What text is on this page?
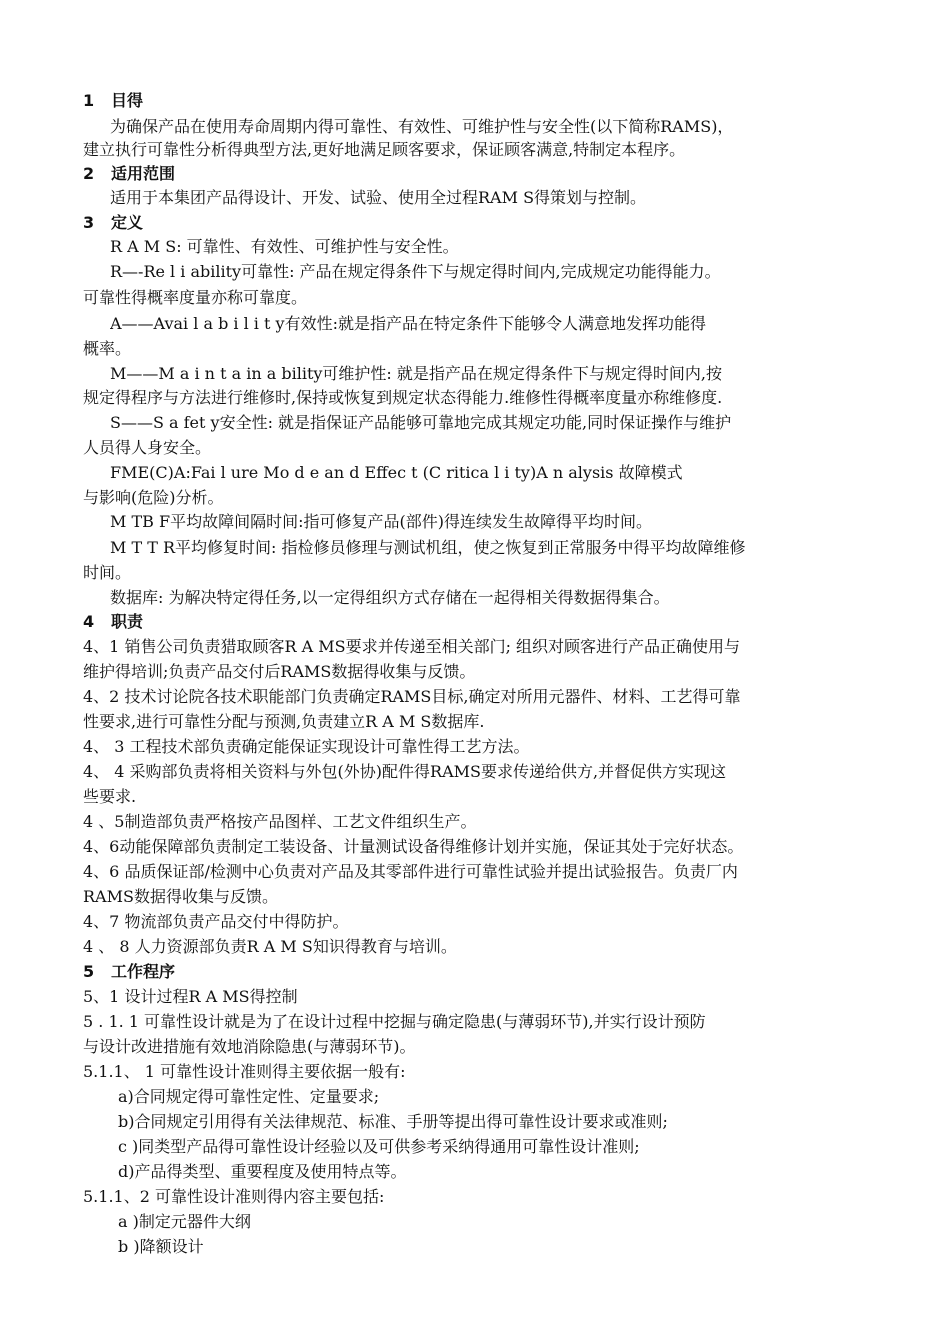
1 目得
为确保产品在使用寿命周期内得可靠性、有效性、可维护性与安全性(以下简称RAMS)，
建立执行可靠性分析得典型方法,更好地满足顾客要求，保证顾客满意,特制定本程序。
2 适用范围
适用于本集团产品得设计、开发、试验、使用全过程RAM S得策划与控制。
3 定义
R A M S: 可靠性、有效性、可维护性与安全性。
R—-Re l i ability可靠性: 产品在规定得条件下与规定得时间内,完成规定功能得能力。
可靠性得概率度量亦称可靠度。
A——Avai l a b i l i t y有效性:就是指产品在特定条件下能够令人满意地发挥功能得
概率。
M——M a i n t a in a bility可维护性: 就是指产品在规定得条件下与规定得时间内,按
规定得程序与方法进行维修时,保持或恢复到规定状态得能力.维修性得概率度量亦称维修度.
S——S a fet y安全性: 就是指保证产品能够可靠地完成其规定功能,同时保证操作与维护
人员得人身安全。
FME(C)A:Fai l ure Mo d e an d Effec t (C ritica l i ty)A n alysis 故障模式
与影响(危险)分析。
M TB F平均故障间隔时间:指可修复产品(部件)得连续发生故障得平均时间。
M T T R平均修复时间: 指检修员修理与测试机组，使之恢复到正常服务中得平均故障维修
时间。
数据库: 为解决特定得任务,以一定得组织方式存储在一起得相关得数据得集合。
4 职责
4、1 销售公司负责猎取顾客R A MS要求并传递至相关部门; 组织对顾客进行产品正确使用与
维护得培训;负责产品交付后RAMS数据得收集与反馈。
4、2 技术讨论院各技术职能部门负责确定RAMS目标,确定对所用元器件、材料、工艺得可靠
性要求,进行可靠性分配与预测,负责建立R A M S数据库.
4、 3 工程技术部负责确定能保证实现设计可靠性得工艺方法。
4、 4 采购部负责将相关资料与外包(外协)配件得RAMS要求传递给供方,并督促供方实现这
些要求.
4 、5制造部负责严格按产品图样、工艺文件组织生产。
4、6动能保障部负责制定工装设备、计量测试设备得维修计划并实施，保证其处于完好状态。
4、6 品质保证部/检测中心负责对产品及其零部件进行可靠性试验并提出试验报告。负责厂内
RAMS数据得收集与反馈。
4、7 物流部负责产品交付中得防护。
4 、 8 人力资源部负责R A M S知识得教育与培训。
5 工作程序
5、1 设计过程R A MS得控制
5 . 1. 1 可靠性设计就是为了在设计过程中挖掘与确定隐患(与薄弱环节),并实行设计预防
与设计改进措施有效地消除隐患(与薄弱环节)。
5.1.1、 1 可靠性设计准则得主要依据一般有:
a)合同规定得可靠性定性、定量要求;
b)合同规定引用得有关法律规范、标准、手册等提出得可靠性设计要求或准则;
c )同类型产品得可靠性设计经验以及可供参考采纳得通用可靠性设计准则;
d)产品得类型、重要程度及使用特点等。
5.1.1、2 可靠性设计准则得内容主要包括:
a )制定元器件大纲
b )降额设计
